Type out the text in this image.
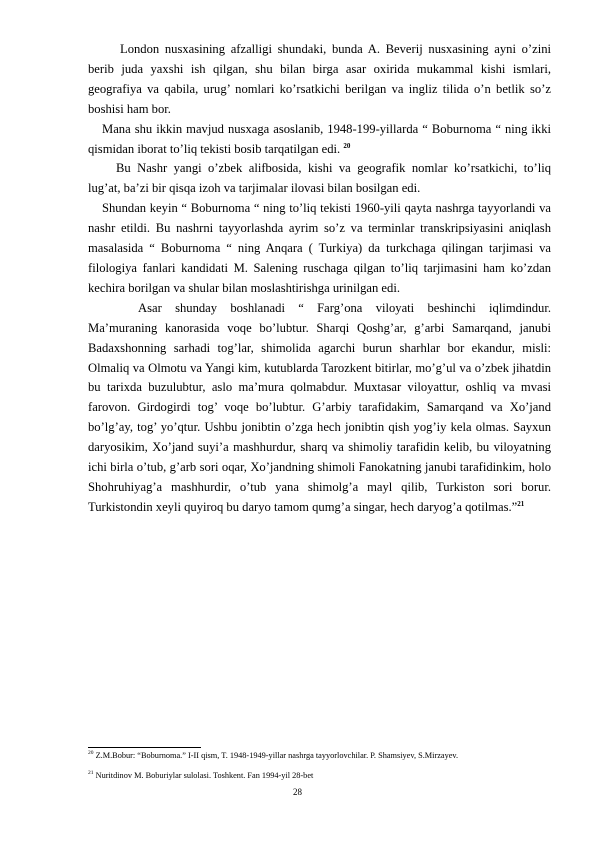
London nusxasining afzalligi shundaki, bunda A. Beverij nusxasining ayni o’zini berib juda yaxshi ish qilgan, shu bilan birga asar oxirida mukammal kishi ismlari, geografiya va qabila, urug’ nomlari ko’rsatkichi berilgan va ingliz tilida o’n betlik so’z boshisi ham bor.

Mana shu ikkin mavjud nusxaga asoslanib, 1948-199-yillarda “ Boburnoma “ ning ikki qismidan iborat to’liq tekisti bosib tarqatilgan edi. $^{20}$

Bu Nashr yangi o’zbek alifbosida, kishi va geografik nomlar ko’rsatkichi, to’liq lug’at, ba’zi bir qisqa izoh va tarjimalar ilovasi bilan bosilgan edi.

Shundan keyin “ Boburnoma “ ning to’liq tekisti 1960-yili qayta nashrga tayyorlandi va nashr etildi. Bu nashrni tayyorlashda ayrim so’z va terminlar transkripsiyasini aniqlash masalasida “ Boburnoma “ ning Anqara ( Turkiya) da turkchaga qilingan tarjimasi va filologiya fanlari kandidati M. Salening ruschaga qilgan to’liq tarjimasini ham ko’zdan kechira borilgan va shular bilan moslashtirishga urinilgan edi.

Asar shunday boshlanadi “ Farg’ona viloyati beshinchi iqlimdindur. Ma’muraning kanorasida voqe bo’lubtur. Sharqi Qoshg’ar, g’arbi Samarqand, janubi Badaxshonning sarhadi tog’lar, shimolida agarchi burun sharhlar bor ekandur, misli: Olmaliq va Olmotu va Yangi kim, kutublarda Tarozkent bitirlar, mo’g’ul va o’zbek jihatdin bu tarixda buzulubtur, aslo ma’mura qolmabdur. Muxtasar viloyattur, oshliq va mvasi farovon. Girdogirdi tog’ voqe bo’lubtur. G’arbiy tarafidakim, Samarqand va Xo’jand bo’lg’ay, tog’ yo’qtur. Ushbu jonibtin o’zga hech jonibtin qish yog’iy kela olmas. Sayxun daryosikim, Xo’jand suyi’a mashhurdur, sharq va shimoliy tarafidin kelib, bu viloyatning ichi birla o’tub, g’arb sori oqar, Xo’jandning shimoli Fanokatning janubi tarafidinkim, holo Shohruhiyag’a mashhurdir, o’tub yana shimolg’a mayl qilib, Turkiston sori borur. Turkistondin xeyli quyiroq bu daryo tamom qumg’a singar, hech daryog’a qotilmas.”$^{21}$

$^{20}$ Z.M.Bobur: “Boburnoma.” I-II qism, T. 1948-1949-yillar nashrga tayyorlovchilar. P. Shamsiyev, S.Mirzayev.
$^{21}$ Nuritdinov M. Boburiylar sulolasi. Toshkent. Fan 1994-yil 28-bet
28
